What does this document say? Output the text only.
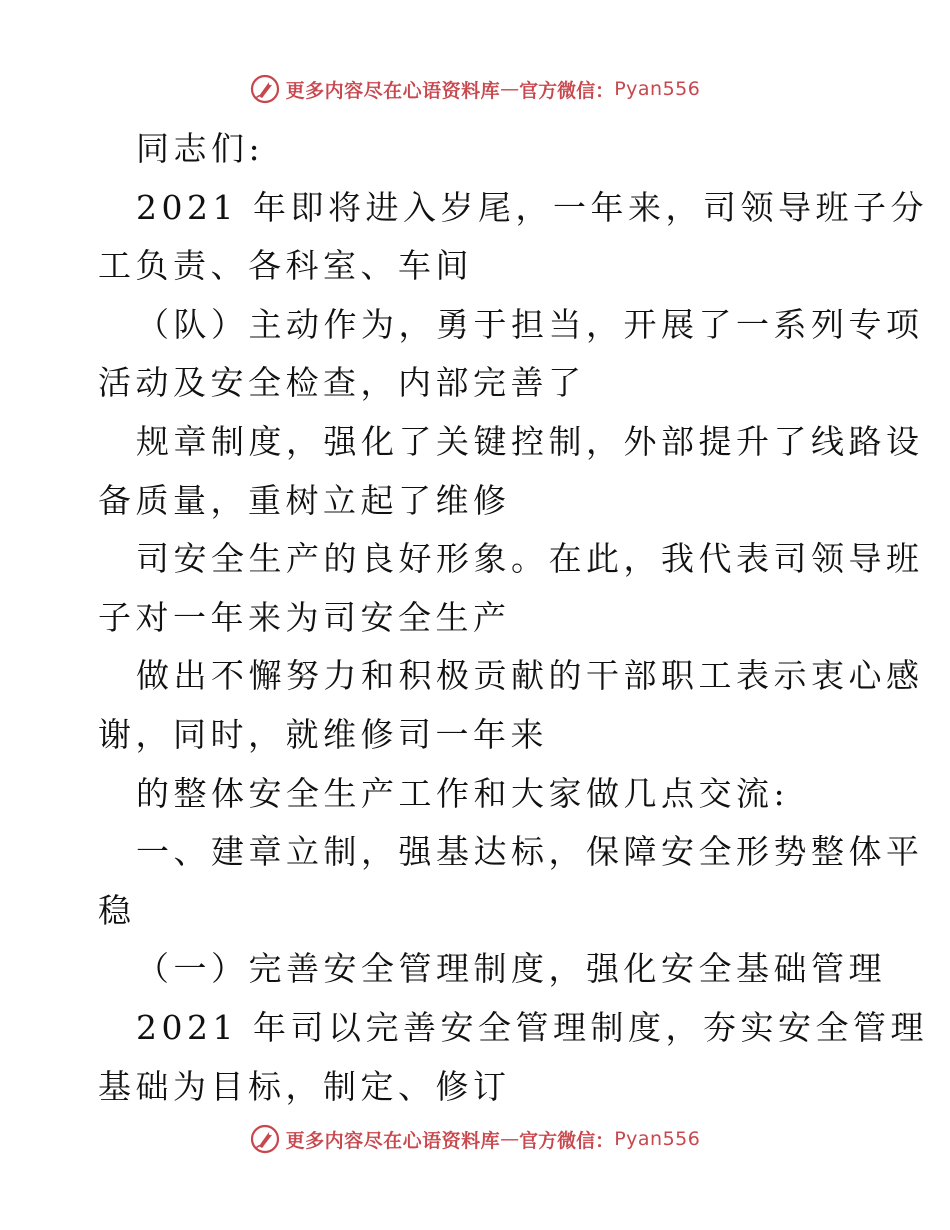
更多内容尽在心语资料库 — 官方微信： Pyan556
同志们:
2021 年即将进入岁尾，一年来，司领导班子分
工负责、各科室、车间
（队）主动作为，勇于担当，开展了一系列专项
活动及安全检查，内部完善了
规章制度，强化了关键控制，外部提升了线路设
备质量，重树立起了维修
司安全生产的良好形象。在此，我代表司领导班
子对一年来为司安全生产
做出不懈努力和积极贡献的干部职工表示衷心感
谢，同时，就维修司一年来
的整体安全生产工作和大家做几点交流:
一、建章立制，强基达标，保障安全形势整体平
稳
（一）完善安全管理制度，强化安全基础管理
2021 年司以完善安全管理制度，夯实安全管理
基础为目标，制定、修订
更多内容尽在心语资料库 — 官方微信： Pyan556
